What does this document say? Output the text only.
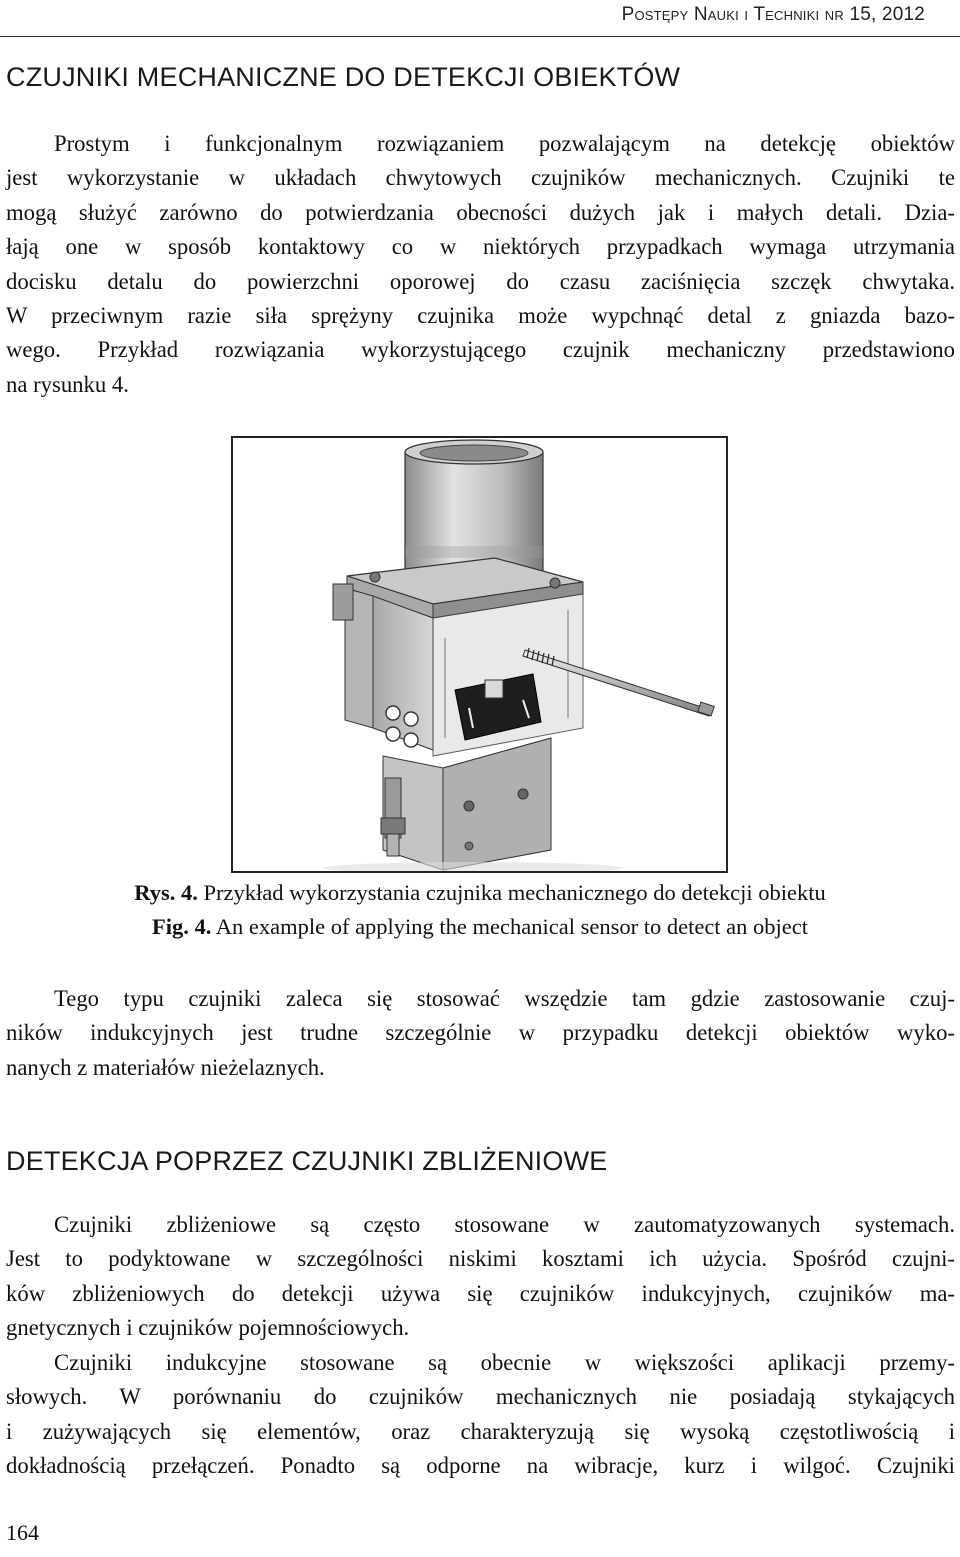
Postępy Nauki i Techniki nr 15, 2012
CZUJNIKI MECHANICZNE DO DETEKCJI OBIEKTÓW
Prostym i funkcjonalnym rozwiązaniem pozwalającym na detekcję obiektów
jest wykorzystanie w układach chwytowych czujników mechanicznych. Czujniki te
mogą służyć zarówno do potwierdzania obecności dużych jak i małych detali. Dzia-
łają one w sposób kontaktowy co w niektórych przypadkach wymaga utrzymania
docisku detalu do powierzchni oporowej do czasu zaciśnięcia szczęk chwytaka.
W przeciwnym razie siła sprężyny czujnika może wypchnąć detal z gniazda bazo-
wego. Przykład rozwiązania wykorzystującego czujnik mechaniczny przedstawiono
na rysunku 4.
Rys. 4. Przykład wykorzystania czujnika mechanicznego do detekcji obiektu
Fig. 4. An example of applying the mechanical sensor to detect an object
Tego typu czujniki zaleca się stosować wszędzie tam gdzie zastosowanie czuj-
ników indukcyjnych jest trudne szczególnie w przypadku detekcji obiektów wyko-
nanych z materiałów nieżelaznych.
DETEKCJA POPRZEZ CZUJNIKI ZBLIŻENIOWE
Czujniki zbliżeniowe są często stosowane w zautomatyzowanych systemach.
Jest to podyktowane w szczególności niskimi kosztami ich użycia. Spośród czujni-
ków zbliżeniowych do detekcji używa się czujników indukcyjnych, czujników ma-
gnetycznych i czujników pojemnościowych.
Czujniki indukcyjne stosowane są obecnie w większości aplikacji przemy-
słowych. W porównaniu do czujników mechanicznych nie posiadają stykających
i zużywających się elementów, oraz charakteryzują się wysoką częstotliwością i
dokładnością przełączeń. Ponadto są odporne na wibracje, kurz i wilgoć. Czujniki
164
